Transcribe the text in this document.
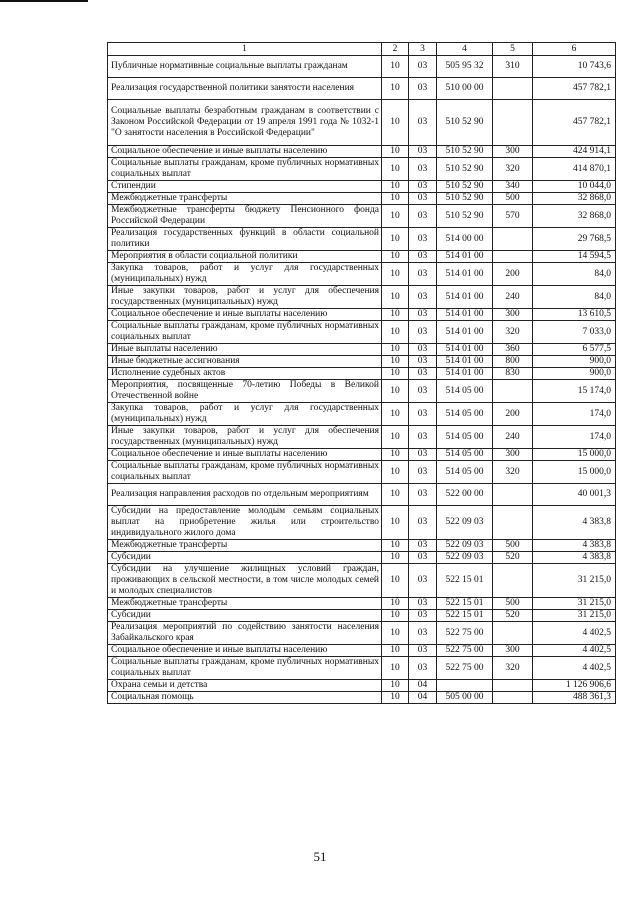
1	2	3	4	5	6
Публичные нормативные социальные выплаты гражданам	10	03	505 95 32	310	10 743,6
Реализация государственной политики занятости населения	10	03	510 00 00		457 782,1
Социальные выплаты безработным гражданам в соответствии с Законом Российской Федерации от 19 апреля 1991 года № 1032-1 "О занятости населения в Российской Федерации"	10	03	510 52 90		457 782,1
Социальное обеспечение и иные выплаты населению	10	03	510 52 90	300	424 914,1
Социальные выплаты гражданам, кроме публичных нормативных социальных выплат	10	03	510 52 90	320	414 870,1
Стипендии	10	03	510 52 90	340	10 044,0
Межбюджетные трансферты	10	03	510 52 90	500	32 868,0
Межбюджетные трансферты бюджету Пенсионного фонда Российской Федерации	10	03	510 52 90	570	32 868,0
Реализация государственных функций в области социальной политики	10	03	514 00 00		29 768,5
Мероприятия в области социальной политики	10	03	514 01 00		14 594,5
Закупка товаров, работ и услуг для государственных (муниципальных) нужд	10	03	514 01 00	200	84,0
Иные закупки товаров, работ и услуг для обеспечения государственных (муниципальных) нужд	10	03	514 01 00	240	84,0
Социальное обеспечение и иные выплаты населению	10	03	514 01 00	300	13 610,5
Социальные выплаты гражданам, кроме публичных нормативных социальных выплат	10	03	514 01 00	320	7 033,0
Иные выплаты населению	10	03	514 01 00	360	6 577,5
Иные бюджетные ассигнования	10	03	514 01 00	800	900,0
Исполнение судебных актов	10	03	514 01 00	830	900,0
Мероприятия, посвященные 70-летию Победы в Великой Отечественной войне	10	03	514 05 00		15 174,0
Закупка товаров, работ и услуг для государственных (муниципальных) нужд	10	03	514 05 00	200	174,0
Иные закупки товаров, работ и услуг для обеспечения государственных (муниципальных) нужд	10	03	514 05 00	240	174,0
Социальное обеспечение и иные выплаты населению	10	03	514 05 00	300	15 000,0
Социальные выплаты гражданам, кроме публичных нормативных социальных выплат	10	03	514 05 00	320	15 000,0
Реализация направления расходов по отдельным мероприятиям	10	03	522 00 00		40 001,3
Субсидии на предоставление молодым семьям социальных выплат на приобретение жилья или строительство индивидуального жилого дома	10	03	522 09 03		4 383,8
Межбюджетные трансферты	10	03	522 09 03	500	4 383,8
Субсидии	10	03	522 09 03	520	4 383,8
Субсидии на улучшение жилищных условий граждан, проживающих в сельской местности, в том числе молодых семей и молодых специалистов	10	03	522 15 01		31 215,0
Межбюджетные трансферты	10	03	522 15 01	500	31 215,0
Субсидии	10	03	522 15 01	520	31 215,0
Реализация мероприятий по содействию занятости населения Забайкальского края	10	03	522 75 00		4 402,5
Социальное обеспечение и иные выплаты населению	10	03	522 75 00	300	4 402,5
Социальные выплаты гражданам, кроме публичных нормативных социальных выплат	10	03	522 75 00	320	4 402,5
Охрана семьи и детства	10	04			1 126 906,6
Социальная помощь	10	04	505 00 00		488 361,3
51
